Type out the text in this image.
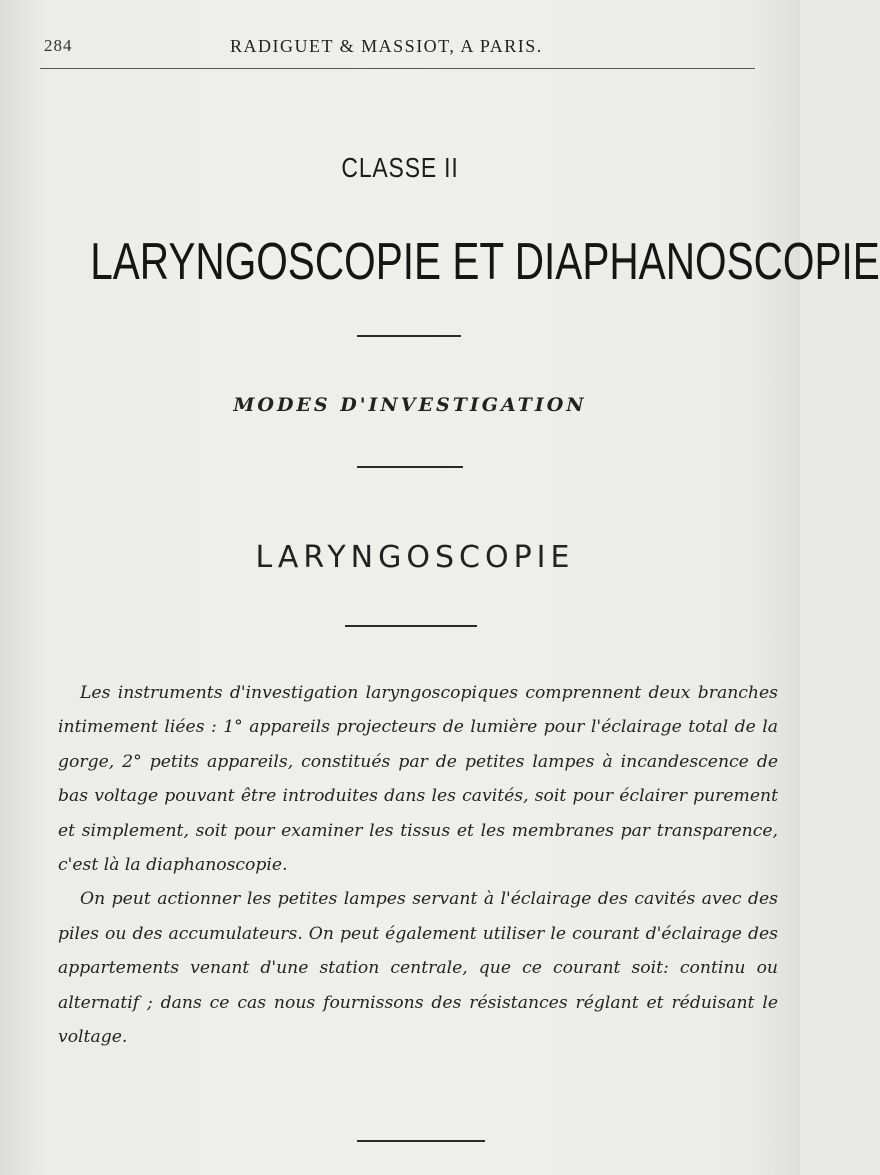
284	RADIGUET & MASSIOT, A PARIS.
CLASSE II
LARYNGOSCOPIE ET DIAPHANOSCOPIE
MODES D'INVESTIGATION
LARYNGOSCOPIE

Les instruments d'investigation laryngoscopiques comprennent deux branches intimement liées : 1° appareils projecteurs de lumière pour l'éclairage total de la gorge, 2° petits appareils, constitués par de petites lampes à incandescence de bas voltage pouvant être introduites dans les cavités, soit pour éclairer purement et simplement, soit pour examiner les tissus et les membranes par transparence, c'est là la diaphanoscopie.

On peut actionner les petites lampes servant à l'éclairage des cavités avec des piles ou des accumulateurs. On peut également utiliser le courant d'éclairage des appartements venant d'une station centrale, que ce courant soit: continu ou alternatif ; dans ce cas nous fournissons des résistances réglant et réduisant le voltage.
